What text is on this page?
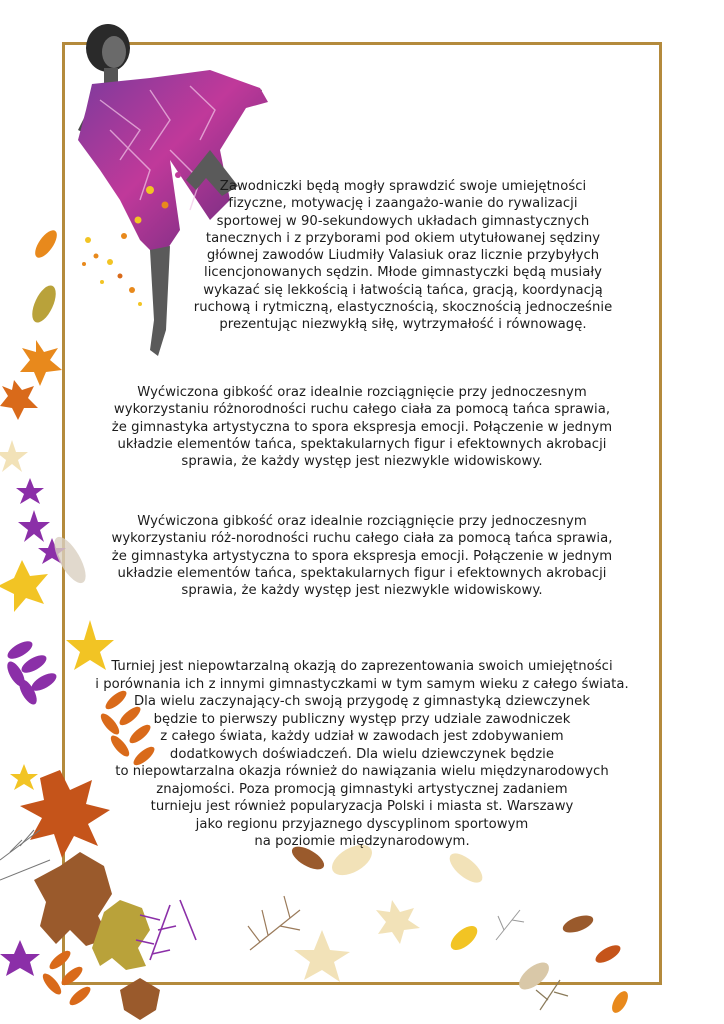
Zawodniczki będą mogły sprawdzić swoje umiejętności
fizyczne, motywację i zaangażo-wanie do rywalizacji
sportowej w 90-sekundowych układach gimnastycznych
tanecznych i z przyborami pod okiem utytułowanej sędziny
głównej zawodów Liudmiły Valasiuk oraz licznie przybyłych
licencjonowanych sędzin. Młode gimnastyczki będą musiały
wykazać się lekkością i łatwością tańca, gracją, koordynacją
ruchową i rytmiczną, elastycznością, skocznością jednocześnie
prezentując niezwykłą siłę, wytrzymałość i równowagę.

Wyćwiczona gibkość oraz idealnie rozciągnięcie przy jednoczesnym
wykorzystaniu różnorodności ruchu całego ciała za pomocą tańca sprawia,
że gimnastyka artystyczna to spora ekspresja emocji. Połączenie w jednym
układzie elementów tańca, spektakularnych figur i efektownych akrobacji
sprawia, że każdy występ jest niezwykle widowiskowy.

Wyćwiczona gibkość oraz idealnie rozciągnięcie przy jednoczesnym
wykorzystaniu róż-norodności ruchu całego ciała za pomocą tańca sprawia,
że gimnastyka artystyczna to spora ekspresja emocji. Połączenie w jednym
układzie elementów tańca, spektakularnych figur i efektownych akrobacji
sprawia, że każdy występ jest niezwykle widowiskowy.

Turniej jest niepowtarzalną okazją do zaprezentowania swoich umiejętności
i porównania ich z innymi gimnastyczkami w tym samym wieku z całego świata.
Dla wielu zaczynający-ch swoją przygodę z gimnastyką dziewczynek
będzie to pierwszy publiczny występ przy udziale zawodniczek
z całego świata, każdy udział w zawodach jest zdobywaniem
dodatkowych doświadczeń. Dla wielu dziewczynek będzie
to niepowtarzalna okazja również do nawiązania wielu międzynarodowych
znajomości. Poza promocją gimnastyki artystycznej zadaniem
turnieju jest również popularyzacja Polski i miasta st. Warszawy
jako regionu przyjaznego dyscyplinom sportowym
na poziomie międzynarodowym.
